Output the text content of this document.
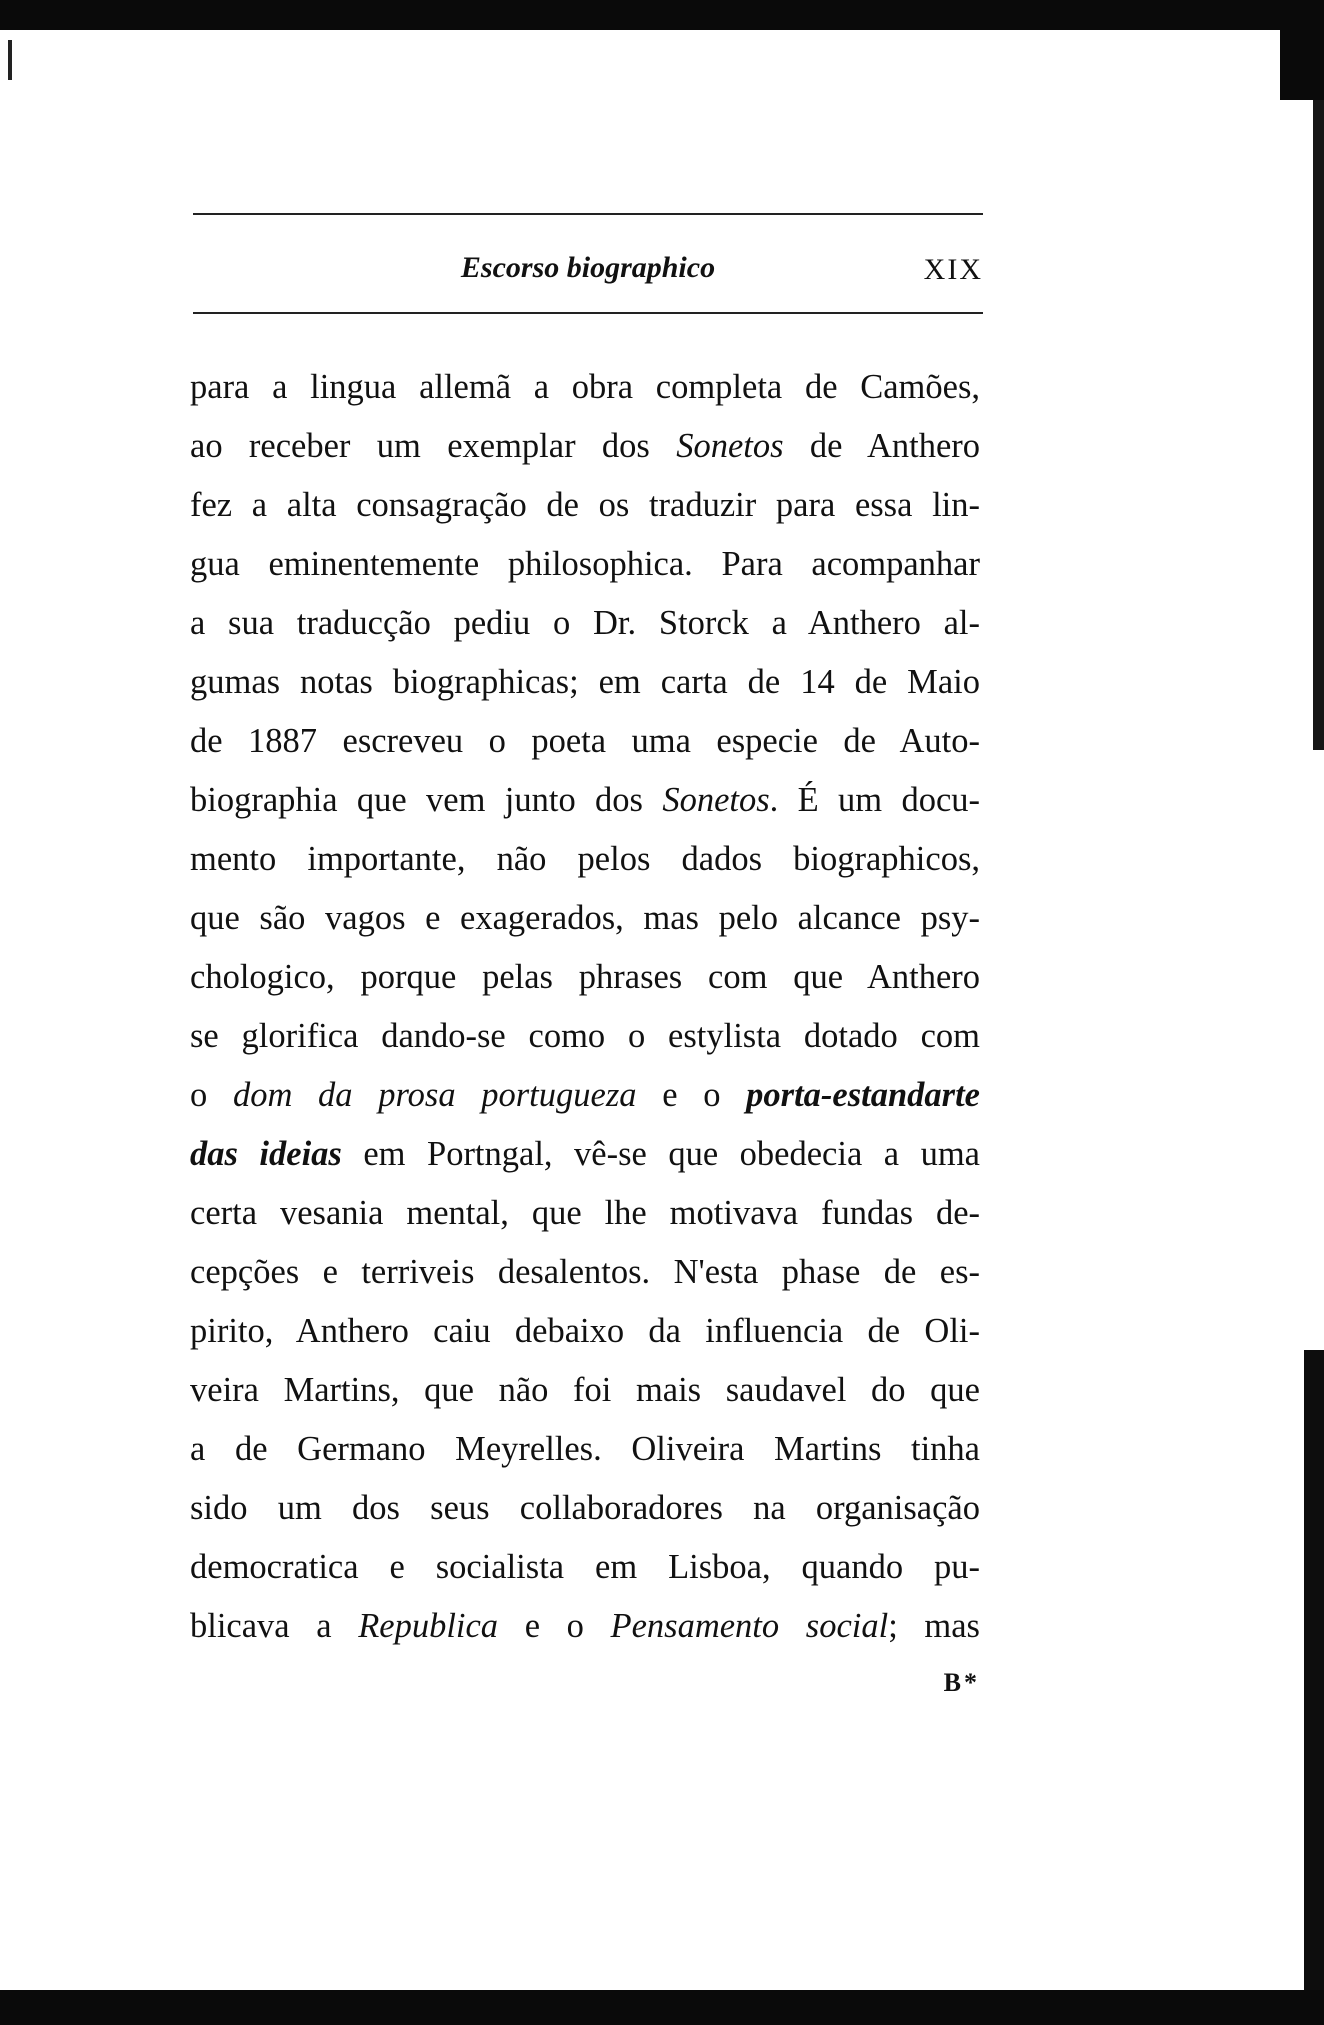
Escorso biographico	XIX
para a lingua allemã a obra completa de Camões,
ao receber um exemplar dos Sonetos de Anthero
fez a alta consagração de os traduzir para essa lin-
gua eminentemente philosophica. Para acompanhar
a sua traducção pediu o Dr. Storck a Anthero al-
gumas notas biographicas; em carta de 14 de Maio
de 1887 escreveu o poeta uma especie de Auto-
biographia que vem junto dos Sonetos. É um docu-
mento importante, não pelos dados biographicos,
que são vagos e exagerados, mas pelo alcance psy-
chologico, porque pelas phrases com que Anthero
se glorifica dando-se como o estylista dotado com
o dom da prosa portugueza e o porta-estandarte
das ideias em Portngal, vê-se que obedecia a uma
certa vesania mental, que lhe motivava fundas de-
cepções e terriveis desalentos. N'esta phase de es-
pirito, Anthero caiu debaixo da influencia de Oli-
veira Martins, que não foi mais saudavel do que
a de Germano Meyrelles. Oliveira Martins tinha
sido um dos seus collaboradores na organisação
democratica e socialista em Lisboa, quando pu-
blicava a Republica e o Pensamento social; mas
B*
